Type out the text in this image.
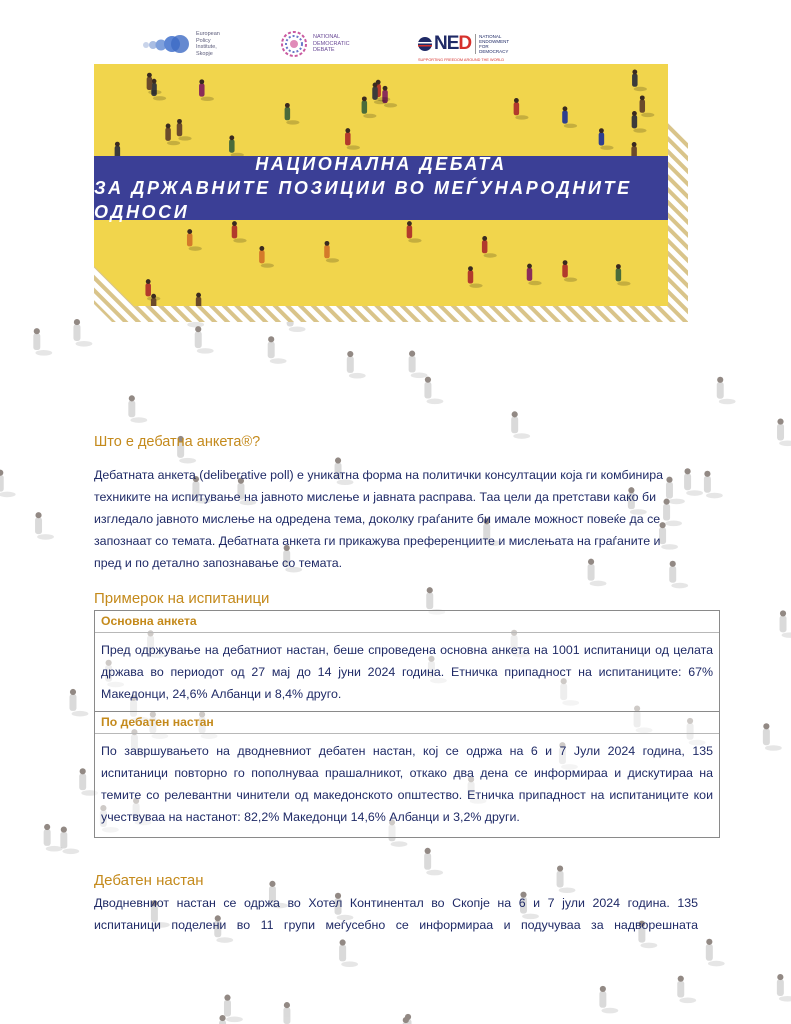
European
Policy
Institute,
Skopje
NATIONAL
DEMOCRATIC
DEBATE	NED NATIONAL
ENDOWMENT
FOR
DEMOCRACY
SUPPORTING FREEDOM AROUND THE WORLD
НАЦИОНАЛНА ДЕБАТА
ЗА ДРЖАВНИТЕ ПОЗИЦИИ ВО МЕЃУНАРОДНИТЕ ОДНОСИ
Што е дебатна анкета®?

Дебатната анкета (deliberative poll) е уникатна форма на политички консултации која ги комбинира
техниките на испитување на јавното мислење и јавната расправа. Таа цели да претстави како би
изгледало јавното мислење на одредена тема, доколку граѓаните би имале можност повеќе да се
запознаат со темата. Дебатната анкета ги прикажува преференциите и мислењата на граѓаните и
пред и по детално запознавање со темата.

Примерок на испитаници
Основна анкета
Пред одржување на дебатниот настан, беше спроведена основна анкета на 1001 испитаници од целата држава во периодот од 27 мај до 14 јуни 2024 година. Етничка припадност на испитаниците: 67% Македонци, 24,6% Албанци и 8,4% друго.
По дебатен настан
По завршувањето на дводневниот дебатен настан, кој се одржа на 6 и 7 Јули 2024 година, 135 испитаници повторно го пополнуваа прашалникот, откако два дена се информираа и дискутираа на темите со релевантни чинители од македонското општество. Етничка припадност на испитаниците кои учествуваа на настанот: 82,2% Македонци 14,6% Албанци и 3,2% други.
Дебатен настан

Дводневниот настан се одржа во Хотел Континентал во Скопје на 6 и 7 јули 2024 година. 135 испитаници поделени во 11 групи меѓусебно се информираа и подучуваа за надворешната
